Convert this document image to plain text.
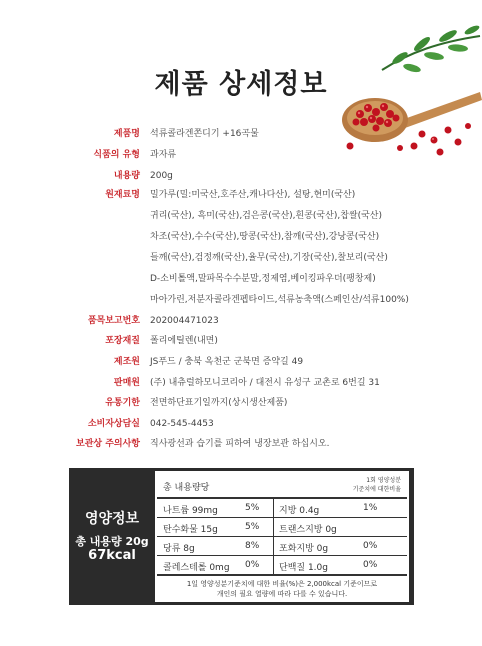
제품 상세정보
제품명 석류콜라겐쫀디기 +16곡물
식품의 유형 과자류
내용량 200g
원재료명 밀가루(밀:미국산,호주산,캐나다산), 설탕,현미(국산)
귀리(국산), 흑미(국산),검은콩(국산),흰콩(국산),찹쌀(국산)
차조(국산),수수(국산),땅콩(국산),참깨(국산),강낭콩(국산)
들깨(국산),검정깨(국산),율무(국산),기장(국산),찰보리(국산)
D-소비톨액,말파목수수분말,정제염,베이킹파우더(팽창제)
마아가린,저분자콜라겐펩타이드,석류농축액(스페인산/석류100%)
품목보고번호 202004471023
포장재질 폴리에틸렌(내면)
제조원 JS푸드 / 충북 옥천군 군북면 증약길 49
판매원 (주) 내츄럴하모니코리아 / 대전시 유성구 교촌로 6번길 31
유통기한 전면하단표기일까지(상시생산제품)
소비자상담실 042-545-4453
보관상 주의사항 직사광선과 습기를 피하여 냉장보관 하십시오.
영양정보
총 내용량 20g
67kcal
총 내용량당
1회 영양성분
기준치에 대한비율
나트륨 99mg	5% 지방 0.4g	1%
탄수화물 15g	5% 트랜스지방 0g
당류 8g	8% 포화지방 0g	0%
콜레스테롤 0mg 0% 단백질 1.0g	0%
1일 영양성분기준치에 대한 비율(%)은 2,000kcal 기준이므로
개인의 필요 열량에 따라 다를 수 있습니다.
